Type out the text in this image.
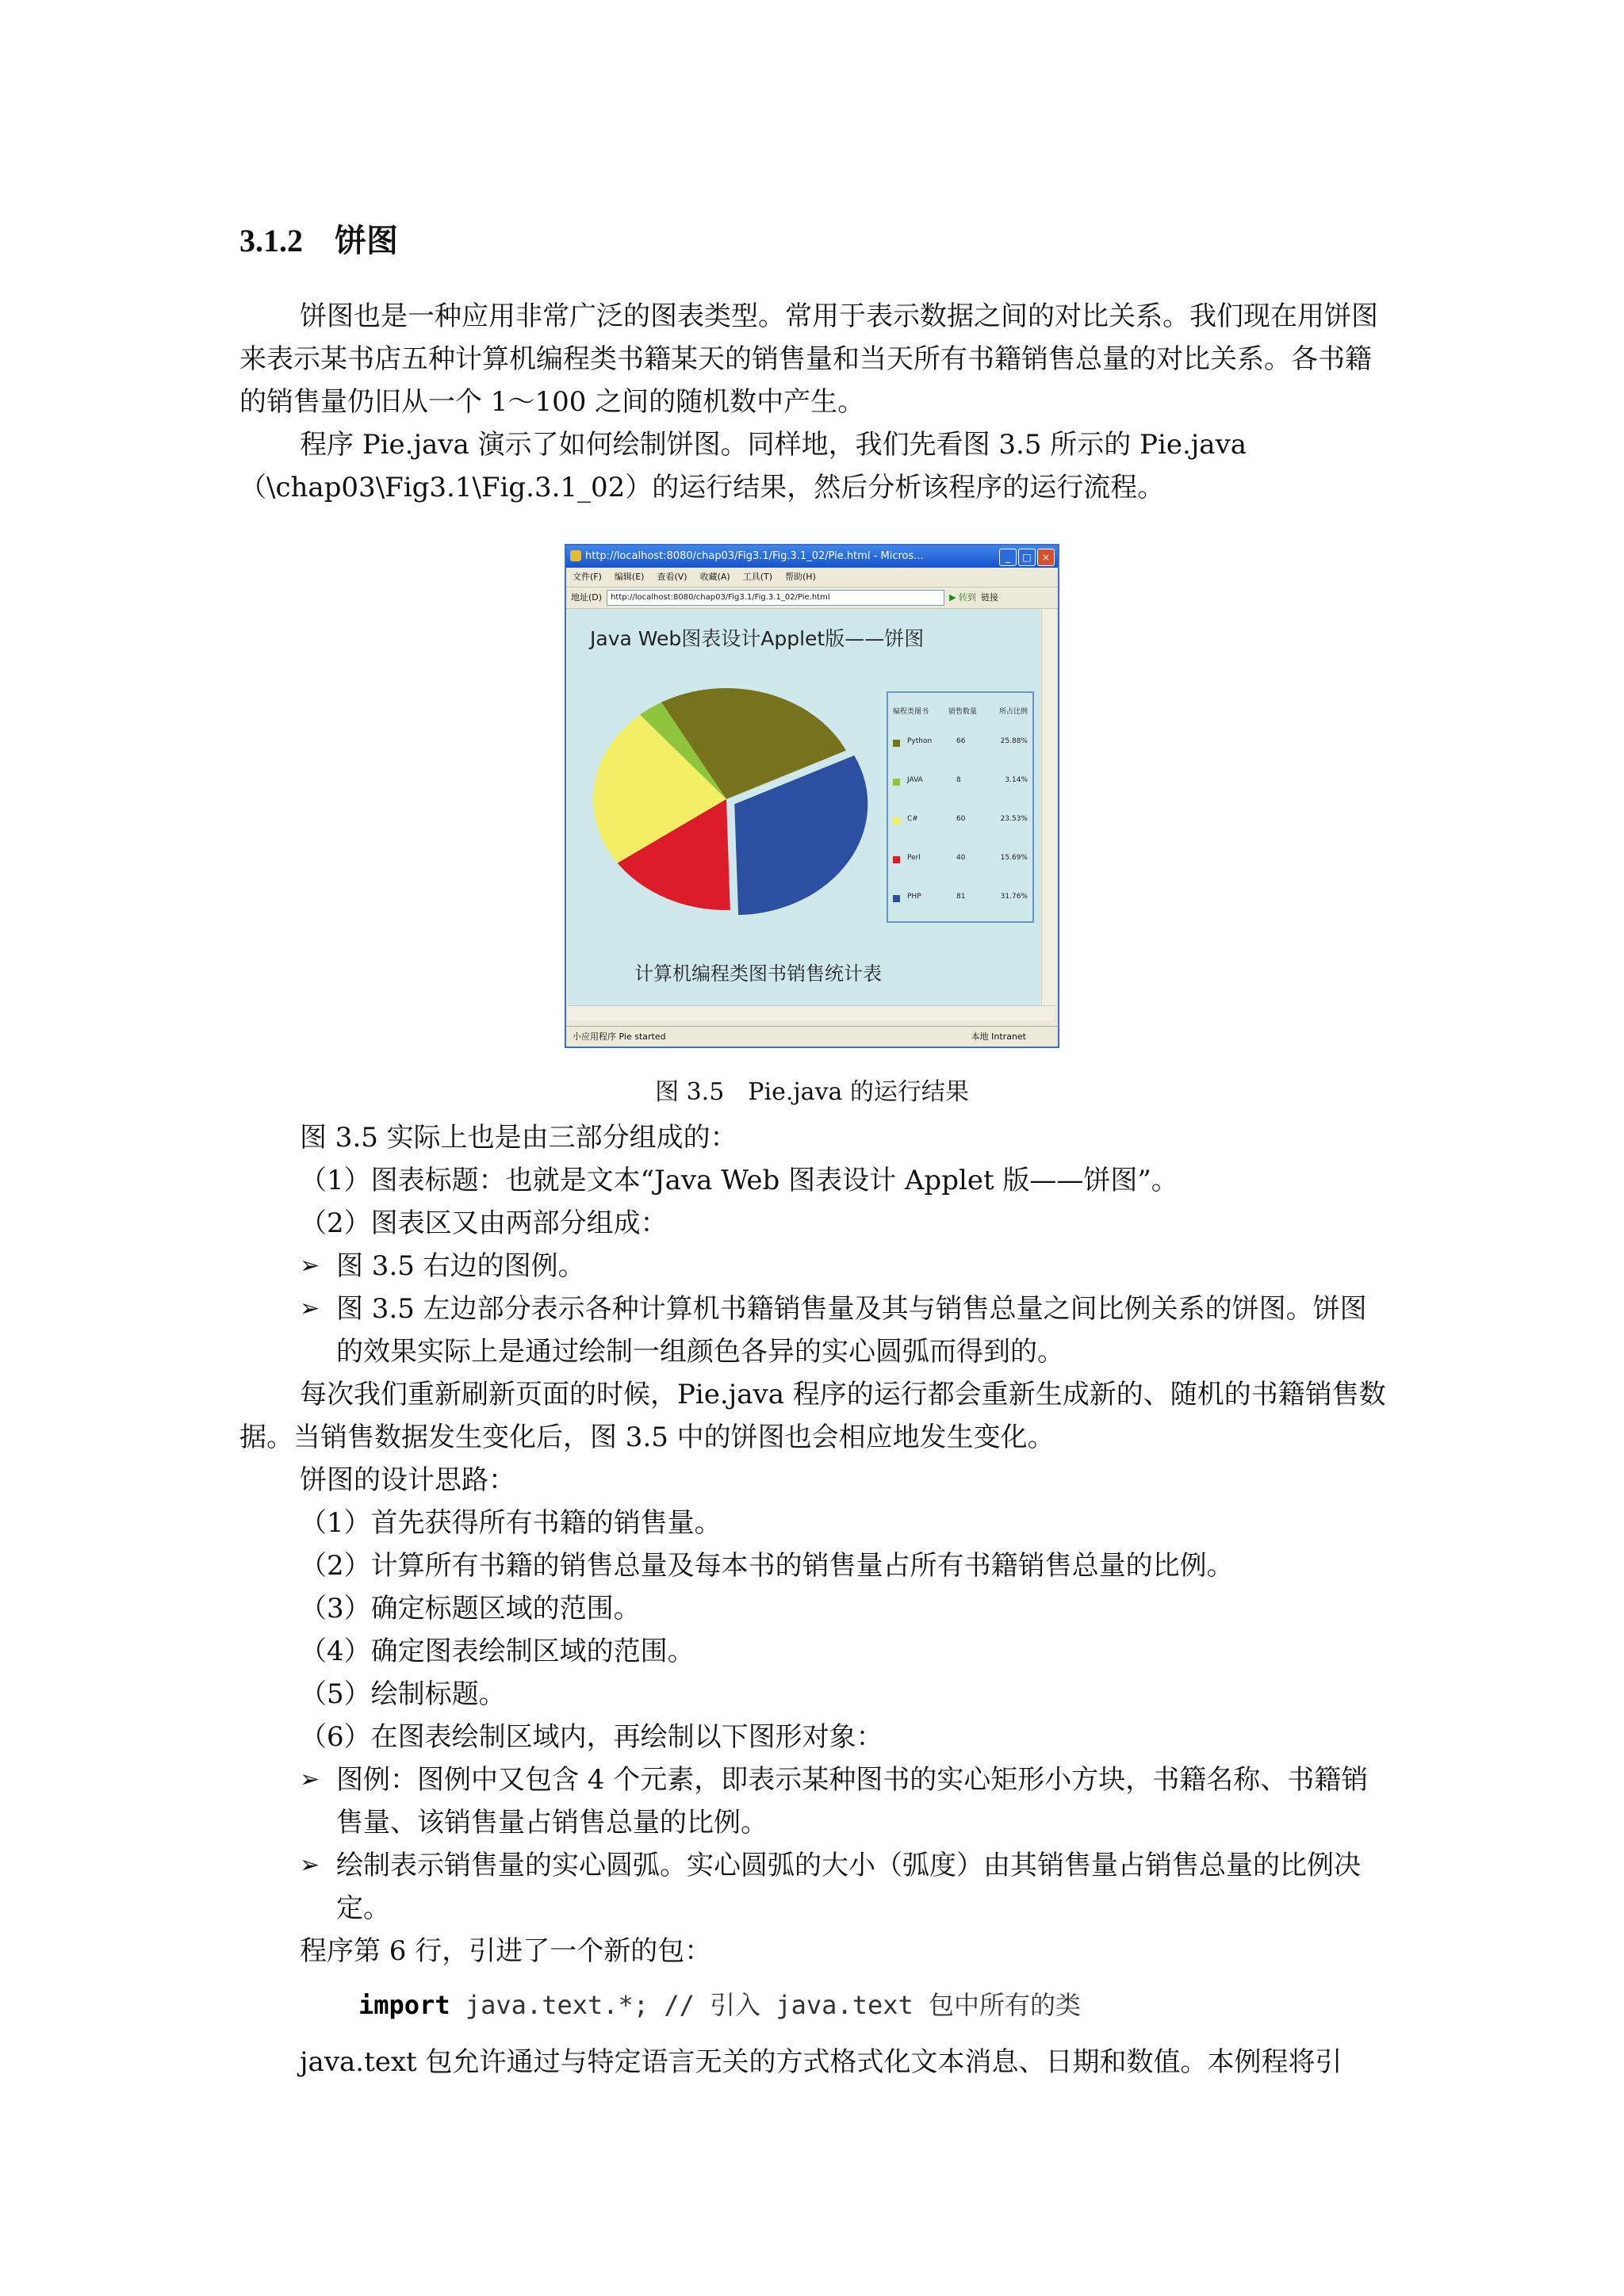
3.1.2 饼图

饼图也是一种应用非常广泛的图表类型。常用于表示数据之间的对比关系。我们现在用饼图来表示某书店五种计算机编程类书籍某天的销售量和当天所有书籍销售总量的对比关系。各书籍的销售量仍旧从一个 1～100 之间的随机数中产生。

程序 Pie.java 演示了如何绘制饼图。同样地，我们先看图 3.5 所示的 Pie.java（\chap03\Fig3.1\Fig.3.1_02）的运行结果，然后分析该程序的运行流程。

http://localhost:8080/chap03/Fig3.1/Fig.3.1_02/Pie.html - Micros...	_	□	×
文件(F) 编辑(E) 查看(V) 收藏(A) 工具(T) 帮助(H)
地址(D)	http://localhost:8080/chap03/Fig3.1/Fig.3.1_02/Pie.html	▶ 转到 链接
Java Web图表设计Applet版——饼图
编程类图书	销售数量	所占比例
Python	66	25.88%
JAVA	8	3.14%
C#	60	23.53%
Perl	40	15.69%
PHP	81	31.76%
计算机编程类图书销售统计表
小应用程序 Pie started	本地 Intranet
图 3.5　Pie.java 的运行结果

图 3.5 实际上也是由三部分组成的：

（1）图表标题：也就是文本“Java Web 图表设计 Applet 版——饼图”。

（2）图表区又由两部分组成：

➢ 图 3.5 右边的图例。

➢ 图 3.5 左边部分表示各种计算机书籍销售量及其与销售总量之间比例关系的饼图。饼图的效果实际上是通过绘制一组颜色各异的实心圆弧而得到的。

每次我们重新刷新页面的时候，Pie.java 程序的运行都会重新生成新的、随机的书籍销售数据。当销售数据发生变化后，图 3.5 中的饼图也会相应地发生变化。

饼图的设计思路：

（1）首先获得所有书籍的销售量。

（2）计算所有书籍的销售总量及每本书的销售量占所有书籍销售总量的比例。

（3）确定标题区域的范围。

（4）确定图表绘制区域的范围。

（5）绘制标题。

（6）在图表绘制区域内，再绘制以下图形对象：

➢ 图例：图例中又包含 4 个元素，即表示某种图书的实心矩形小方块，书籍名称、书籍销售量、该销售量占销售总量的比例。

➢ 绘制表示销售量的实心圆弧。实心圆弧的大小（弧度）由其销售量占销售总量的比例决定。

程序第 6 行，引进了一个新的包：

import java.text.*; // 引入 java.text 包中所有的类

java.text 包允许通过与特定语言无关的方式格式化文本消息、日期和数值。本例程将引
